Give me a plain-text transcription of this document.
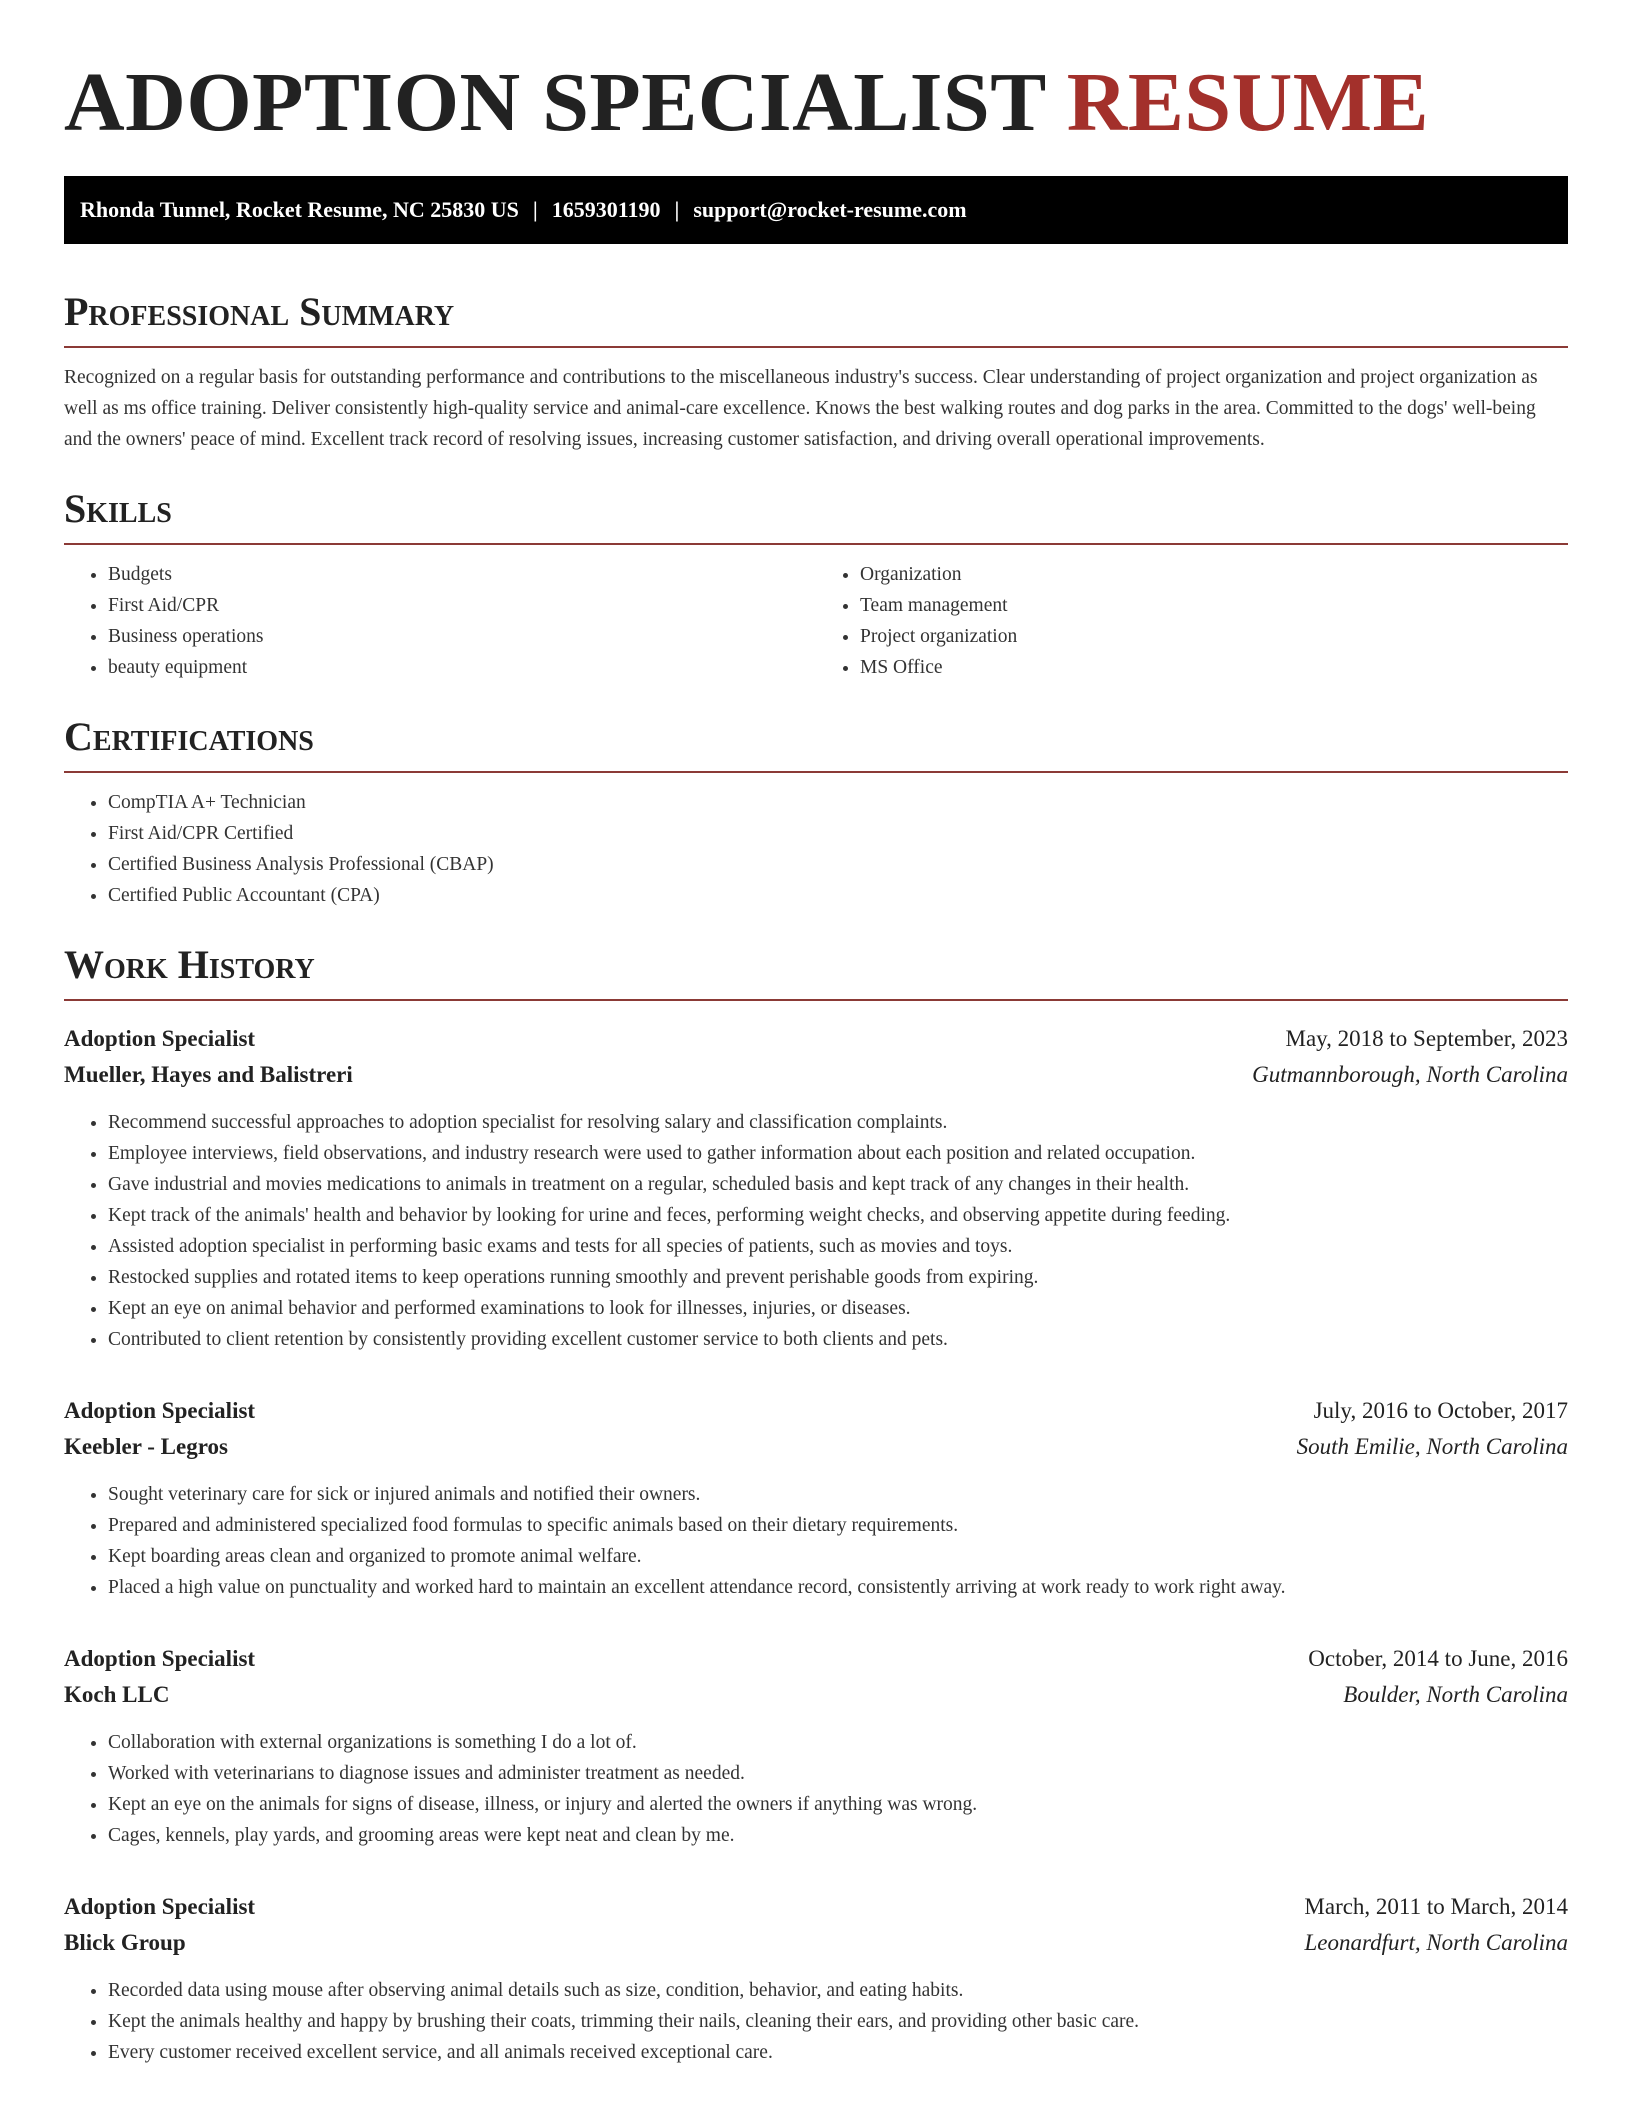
ADOPTION SPECIALIST RESUME
Rhonda Tunnel, Rocket Resume, NC 25830 US | 1659301190 | support@rocket-resume.com
Professional Summary

Recognized on a regular basis for outstanding performance and contributions to the miscellaneous industry's success. Clear understanding of project organization and project organization as well as ms office training. Deliver consistently high-quality service and animal-care excellence. Knows the best walking routes and dog parks in the area. Committed to the dogs' well-being and the owners' peace of mind. Excellent track record of resolving issues, increasing customer satisfaction, and driving overall operational improvements.

Skills
• Budgets
• First Aid/CPR
• Business operations
• beauty equipment
• Organization
• Team management
• Project organization
• MS Office
Certifications
• CompTIA A+ Technician
• First Aid/CPR Certified
• Certified Business Analysis Professional (CBAP)
• Certified Public Accountant (CPA)
Work History
Adoption Specialist	May, 2018 to September, 2023
Mueller, Hayes and Balistreri	Gutmannborough, North Carolina
• Recommend successful approaches to adoption specialist for resolving salary and classification complaints.
• Employee interviews, field observations, and industry research were used to gather information about each position and related occupation.
• Gave industrial and movies medications to animals in treatment on a regular, scheduled basis and kept track of any changes in their health.
• Kept track of the animals' health and behavior by looking for urine and feces, performing weight checks, and observing appetite during feeding.
• Assisted adoption specialist in performing basic exams and tests for all species of patients, such as movies and toys.
• Restocked supplies and rotated items to keep operations running smoothly and prevent perishable goods from expiring.
• Kept an eye on animal behavior and performed examinations to look for illnesses, injuries, or diseases.
• Contributed to client retention by consistently providing excellent customer service to both clients and pets.
Adoption Specialist	July, 2016 to October, 2017
Keebler - Legros	South Emilie, North Carolina
• Sought veterinary care for sick or injured animals and notified their owners.
• Prepared and administered specialized food formulas to specific animals based on their dietary requirements.
• Kept boarding areas clean and organized to promote animal welfare.
• Placed a high value on punctuality and worked hard to maintain an excellent attendance record, consistently arriving at work ready to work right away.
Adoption Specialist	October, 2014 to June, 2016
Koch LLC	Boulder, North Carolina
• Collaboration with external organizations is something I do a lot of.
• Worked with veterinarians to diagnose issues and administer treatment as needed.
• Kept an eye on the animals for signs of disease, illness, or injury and alerted the owners if anything was wrong.
• Cages, kennels, play yards, and grooming areas were kept neat and clean by me.
Adoption Specialist	March, 2011 to March, 2014
Blick Group	Leonardfurt, North Carolina
• Recorded data using mouse after observing animal details such as size, condition, behavior, and eating habits.
• Kept the animals healthy and happy by brushing their coats, trimming their nails, cleaning their ears, and providing other basic care.
• Every customer received excellent service, and all animals received exceptional care.
